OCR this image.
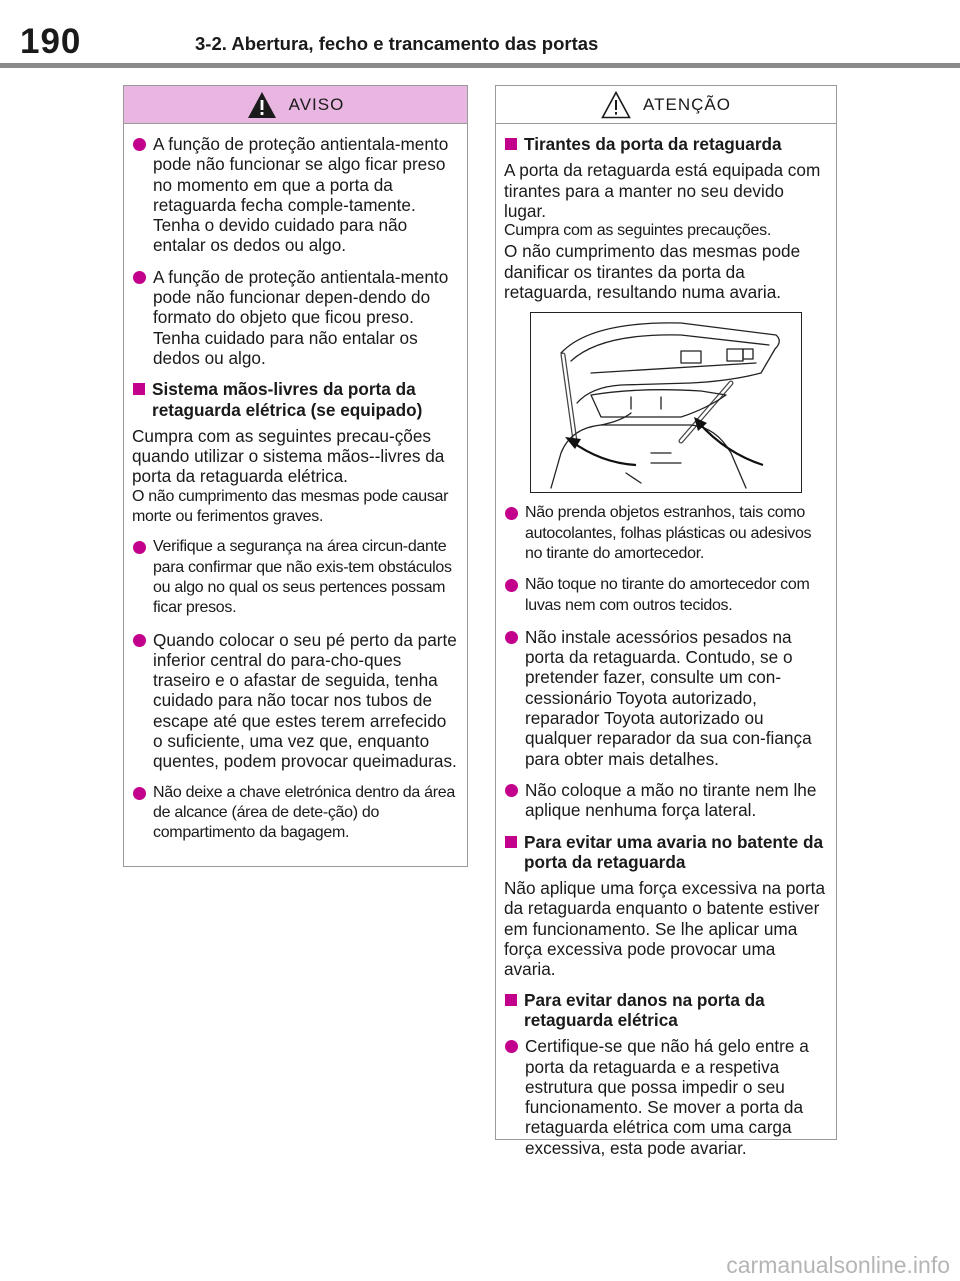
190	3-2. Abertura, fecho e trancamento das portas
AVISO
A função de proteção antientala-mento pode não funcionar se algo ficar preso no momento em que a porta da retaguarda fecha comple-tamente. Tenha o devido cuidado para não entalar os dedos ou algo.
A função de proteção antientala-mento pode não funcionar depen-dendo do formato do objeto que ficou preso. Tenha cuidado para não entalar os dedos ou algo.
Sistema mãos-livres da porta da retaguarda elétrica (se equipado)

Cumpra com as seguintes precau-ções quando utilizar o sistema mãos--livres da porta da retaguarda elétrica.

O não cumprimento das mesmas pode causar morte ou ferimentos graves.

Verifique a segurança na área circun-dante para confirmar que não exis-tem obstáculos ou algo no qual os seus pertences possam ficar presos.
Quando colocar o seu pé perto da parte inferior central do para-cho-ques traseiro e o afastar de seguida, tenha cuidado para não tocar nos tubos de escape até que estes terem arrefecido o suficiente, uma vez que, enquanto quentes, podem provocar queimaduras.
Não deixe a chave eletrónica dentro da área de alcance (área de dete-ção) do compartimento da bagagem.
ATENÇÃO
Tirantes da porta da retaguarda

A porta da retaguarda está equipada com tirantes para a manter no seu devido lugar.

Cumpra com as seguintes precauções.

O não cumprimento das mesmas pode danificar os tirantes da porta da retaguarda, resultando numa avaria.

Não prenda objetos estranhos, tais como autocolantes, folhas plásticas ou adesivos no tirante do amortecedor.
Não toque no tirante do amortecedor com luvas nem com outros tecidos.
Não instale acessórios pesados na porta da retaguarda. Contudo, se o pretender fazer, consulte um con-cessionário Toyota autorizado, reparador Toyota autorizado ou qualquer reparador da sua con-fiança para obter mais detalhes.
Não coloque a mão no tirante nem lhe aplique nenhuma força lateral.
Para evitar uma avaria no batente da porta da retaguarda

Não aplique uma força excessiva na porta da retaguarda enquanto o batente estiver em funcionamento. Se lhe aplicar uma força excessiva pode provocar uma avaria.

Para evitar danos na porta da retaguarda elétrica
Certifique-se que não há gelo entre a porta da retaguarda e a respetiva estrutura que possa impedir o seu funcionamento. Se mover a porta da retaguarda elétrica com uma carga excessiva, esta pode avariar.
carmanualsonline.info
